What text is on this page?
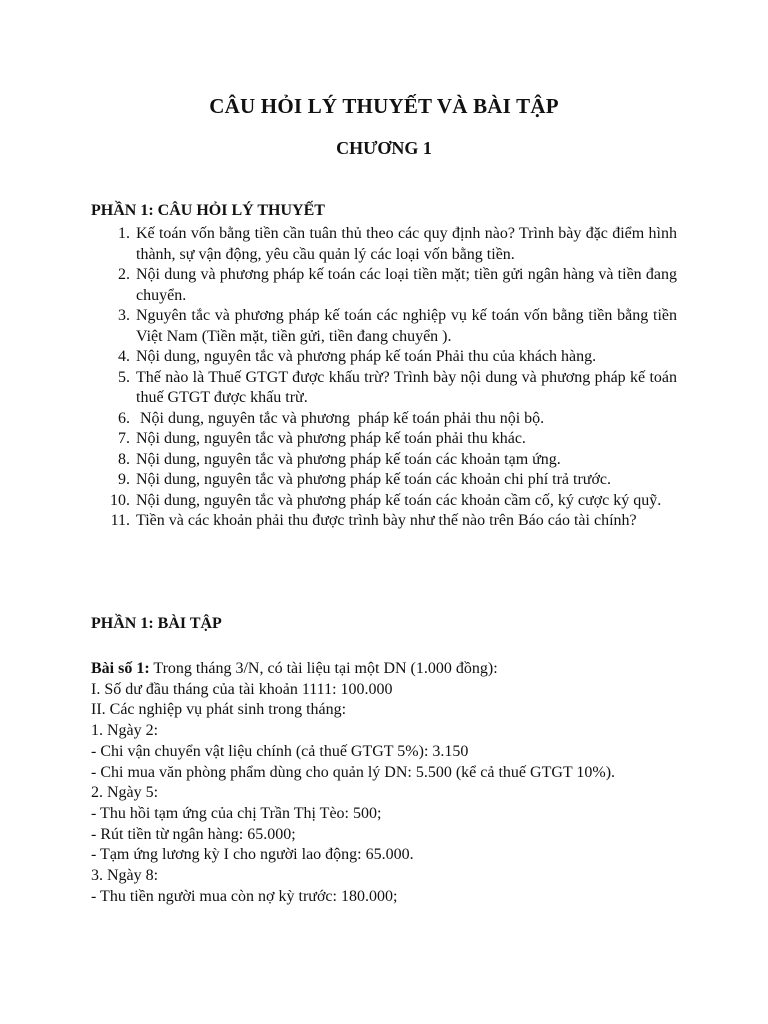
CÂU HỎI LÝ THUYẾT VÀ BÀI TẬP
CHƯƠNG 1
PHẦN 1: CÂU HỎI LÝ THUYẾT
1. Kế toán vốn bằng tiền cần tuân thủ theo các quy định nào? Trình bày đặc điểm hình thành, sự vận động, yêu cầu quản lý các loại vốn bằng tiền.
2. Nội dung và phương pháp kế toán các loại tiền mặt; tiền gửi ngân hàng và tiền đang chuyển.
3. Nguyên tắc và phương pháp kế toán các nghiệp vụ kế toán vốn bằng tiền bằng tiền Việt Nam (Tiền mặt, tiền gửi, tiền đang chuyển ).
4. Nội dung, nguyên tắc và phương pháp kế toán Phải thu của khách hàng.
5. Thế nào là Thuế GTGT được khấu trừ? Trình bày nội dung và phương pháp kế toán thuế GTGT được khấu trừ.
6. Nội dung, nguyên tắc và phương  pháp kế toán phải thu nội bộ.
7. Nội dung, nguyên tắc và phương pháp kế toán phải thu khác.
8. Nội dung, nguyên tắc và phương pháp kế toán các khoản tạm ứng.
9. Nội dung, nguyên tắc và phương pháp kế toán các khoản chi phí trả trước.
10. Nội dung, nguyên tắc và phương pháp kế toán các khoản cầm cố, ký cược ký quỹ.
11. Tiền và các khoản phải thu được trình bày như thế nào trên Báo cáo tài chính?
PHẦN 1: BÀI TẬP
Bài số 1: Trong tháng 3/N, có tài liệu tại một DN (1.000 đồng):
I. Số dư đầu tháng của tài khoản 1111: 100.000
II. Các nghiệp vụ phát sinh trong tháng:
1. Ngày 2:
- Chi vận chuyển vật liệu chính (cả thuế GTGT 5%): 3.150
- Chi mua văn phòng phẩm dùng cho quản lý DN: 5.500 (kể cả thuế GTGT 10%).
2. Ngày 5:
- Thu hồi tạm ứng của chị Trần Thị Tèo: 500;
- Rút tiền từ ngân hàng: 65.000;
- Tạm ứng lương kỳ I cho người lao động: 65.000.
3. Ngày 8:
- Thu tiền người mua còn nợ kỳ trước: 180.000;
